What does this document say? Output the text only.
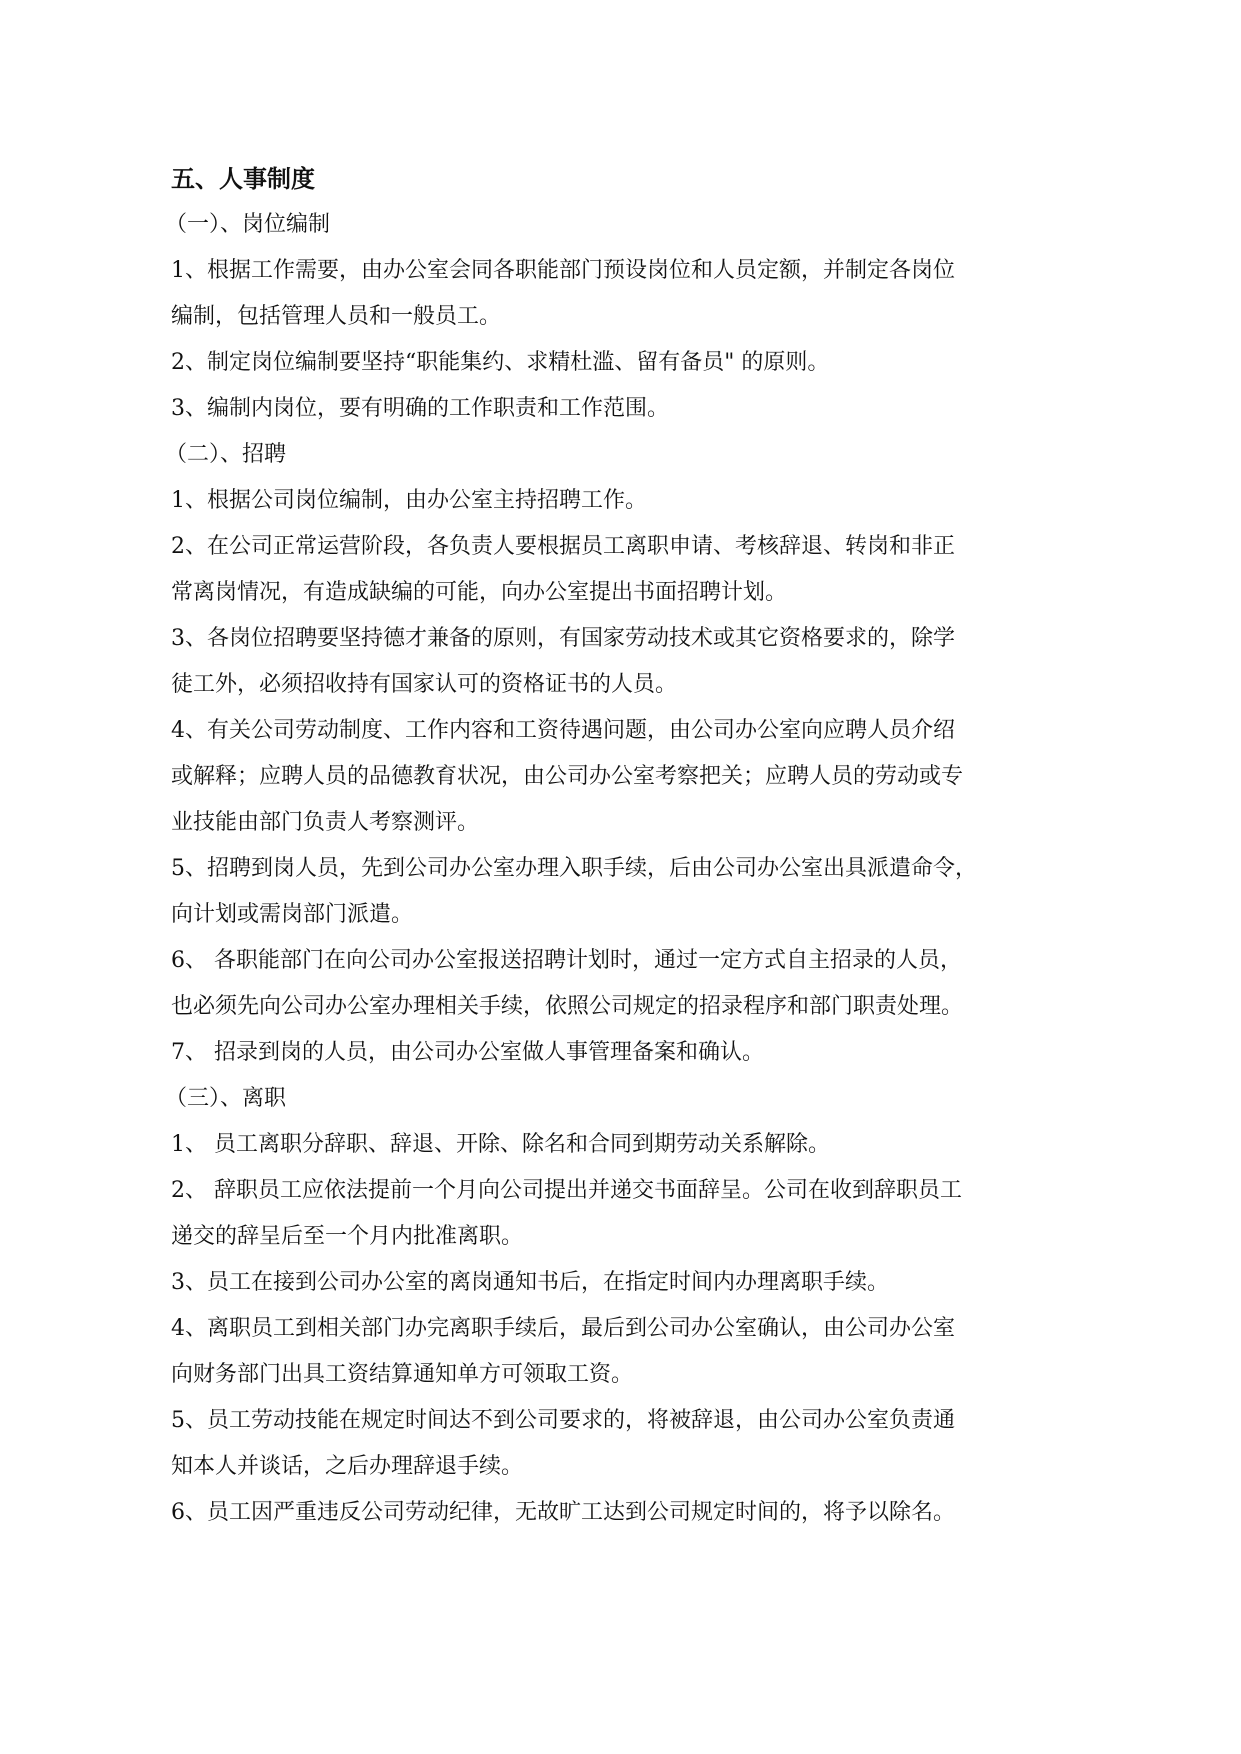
五、人事制度
（一）、岗位编制
1、根据工作需要，由办公室会同各职能部门预设岗位和人员定额，并制定各岗位
编制，包括管理人员和一般员工。
2、制定岗位编制要坚持“职能集约、求精杜滥、留有备员" 的原则。
3、编制内岗位，要有明确的工作职责和工作范围。
（二）、招聘
1、根据公司岗位编制，由办公室主持招聘工作。
2、在公司正常运营阶段，各负责人要根据员工离职申请、考核辞退、转岗和非正
常离岗情况，有造成缺编的可能，向办公室提出书面招聘计划。
3、各岗位招聘要坚持德才兼备的原则，有国家劳动技术或其它资格要求的，除学
徒工外，必须招收持有国家认可的资格证书的人员。
4、有关公司劳动制度、工作内容和工资待遇问题，由公司办公室向应聘人员介绍
或解释；应聘人员的品德教育状况，由公司办公室考察把关；应聘人员的劳动或专
业技能由部门负责人考察测评。
5、招聘到岗人员，先到公司办公室办理入职手续，后由公司办公室出具派遣命令，
向计划或需岗部门派遣。
6、 各职能部门在向公司办公室报送招聘计划时，通过一定方式自主招录的人员，
也必须先向公司办公室办理相关手续，依照公司规定的招录程序和部门职责处理。
7、 招录到岗的人员，由公司办公室做人事管理备案和确认。
（三）、离职
1、 员工离职分辞职、辞退、开除、除名和合同到期劳动关系解除。
2、 辞职员工应依法提前一个月向公司提出并递交书面辞呈。公司在收到辞职员工
递交的辞呈后至一个月内批准离职。
3、员工在接到公司办公室的离岗通知书后，在指定时间内办理离职手续。
4、离职员工到相关部门办完离职手续后，最后到公司办公室确认，由公司办公室
向财务部门出具工资结算通知单方可领取工资。
5、员工劳动技能在规定时间达不到公司要求的，将被辞退，由公司办公室负责通
知本人并谈话，之后办理辞退手续。
6、员工因严重违反公司劳动纪律，无故旷工达到公司规定时间的，将予以除名。
